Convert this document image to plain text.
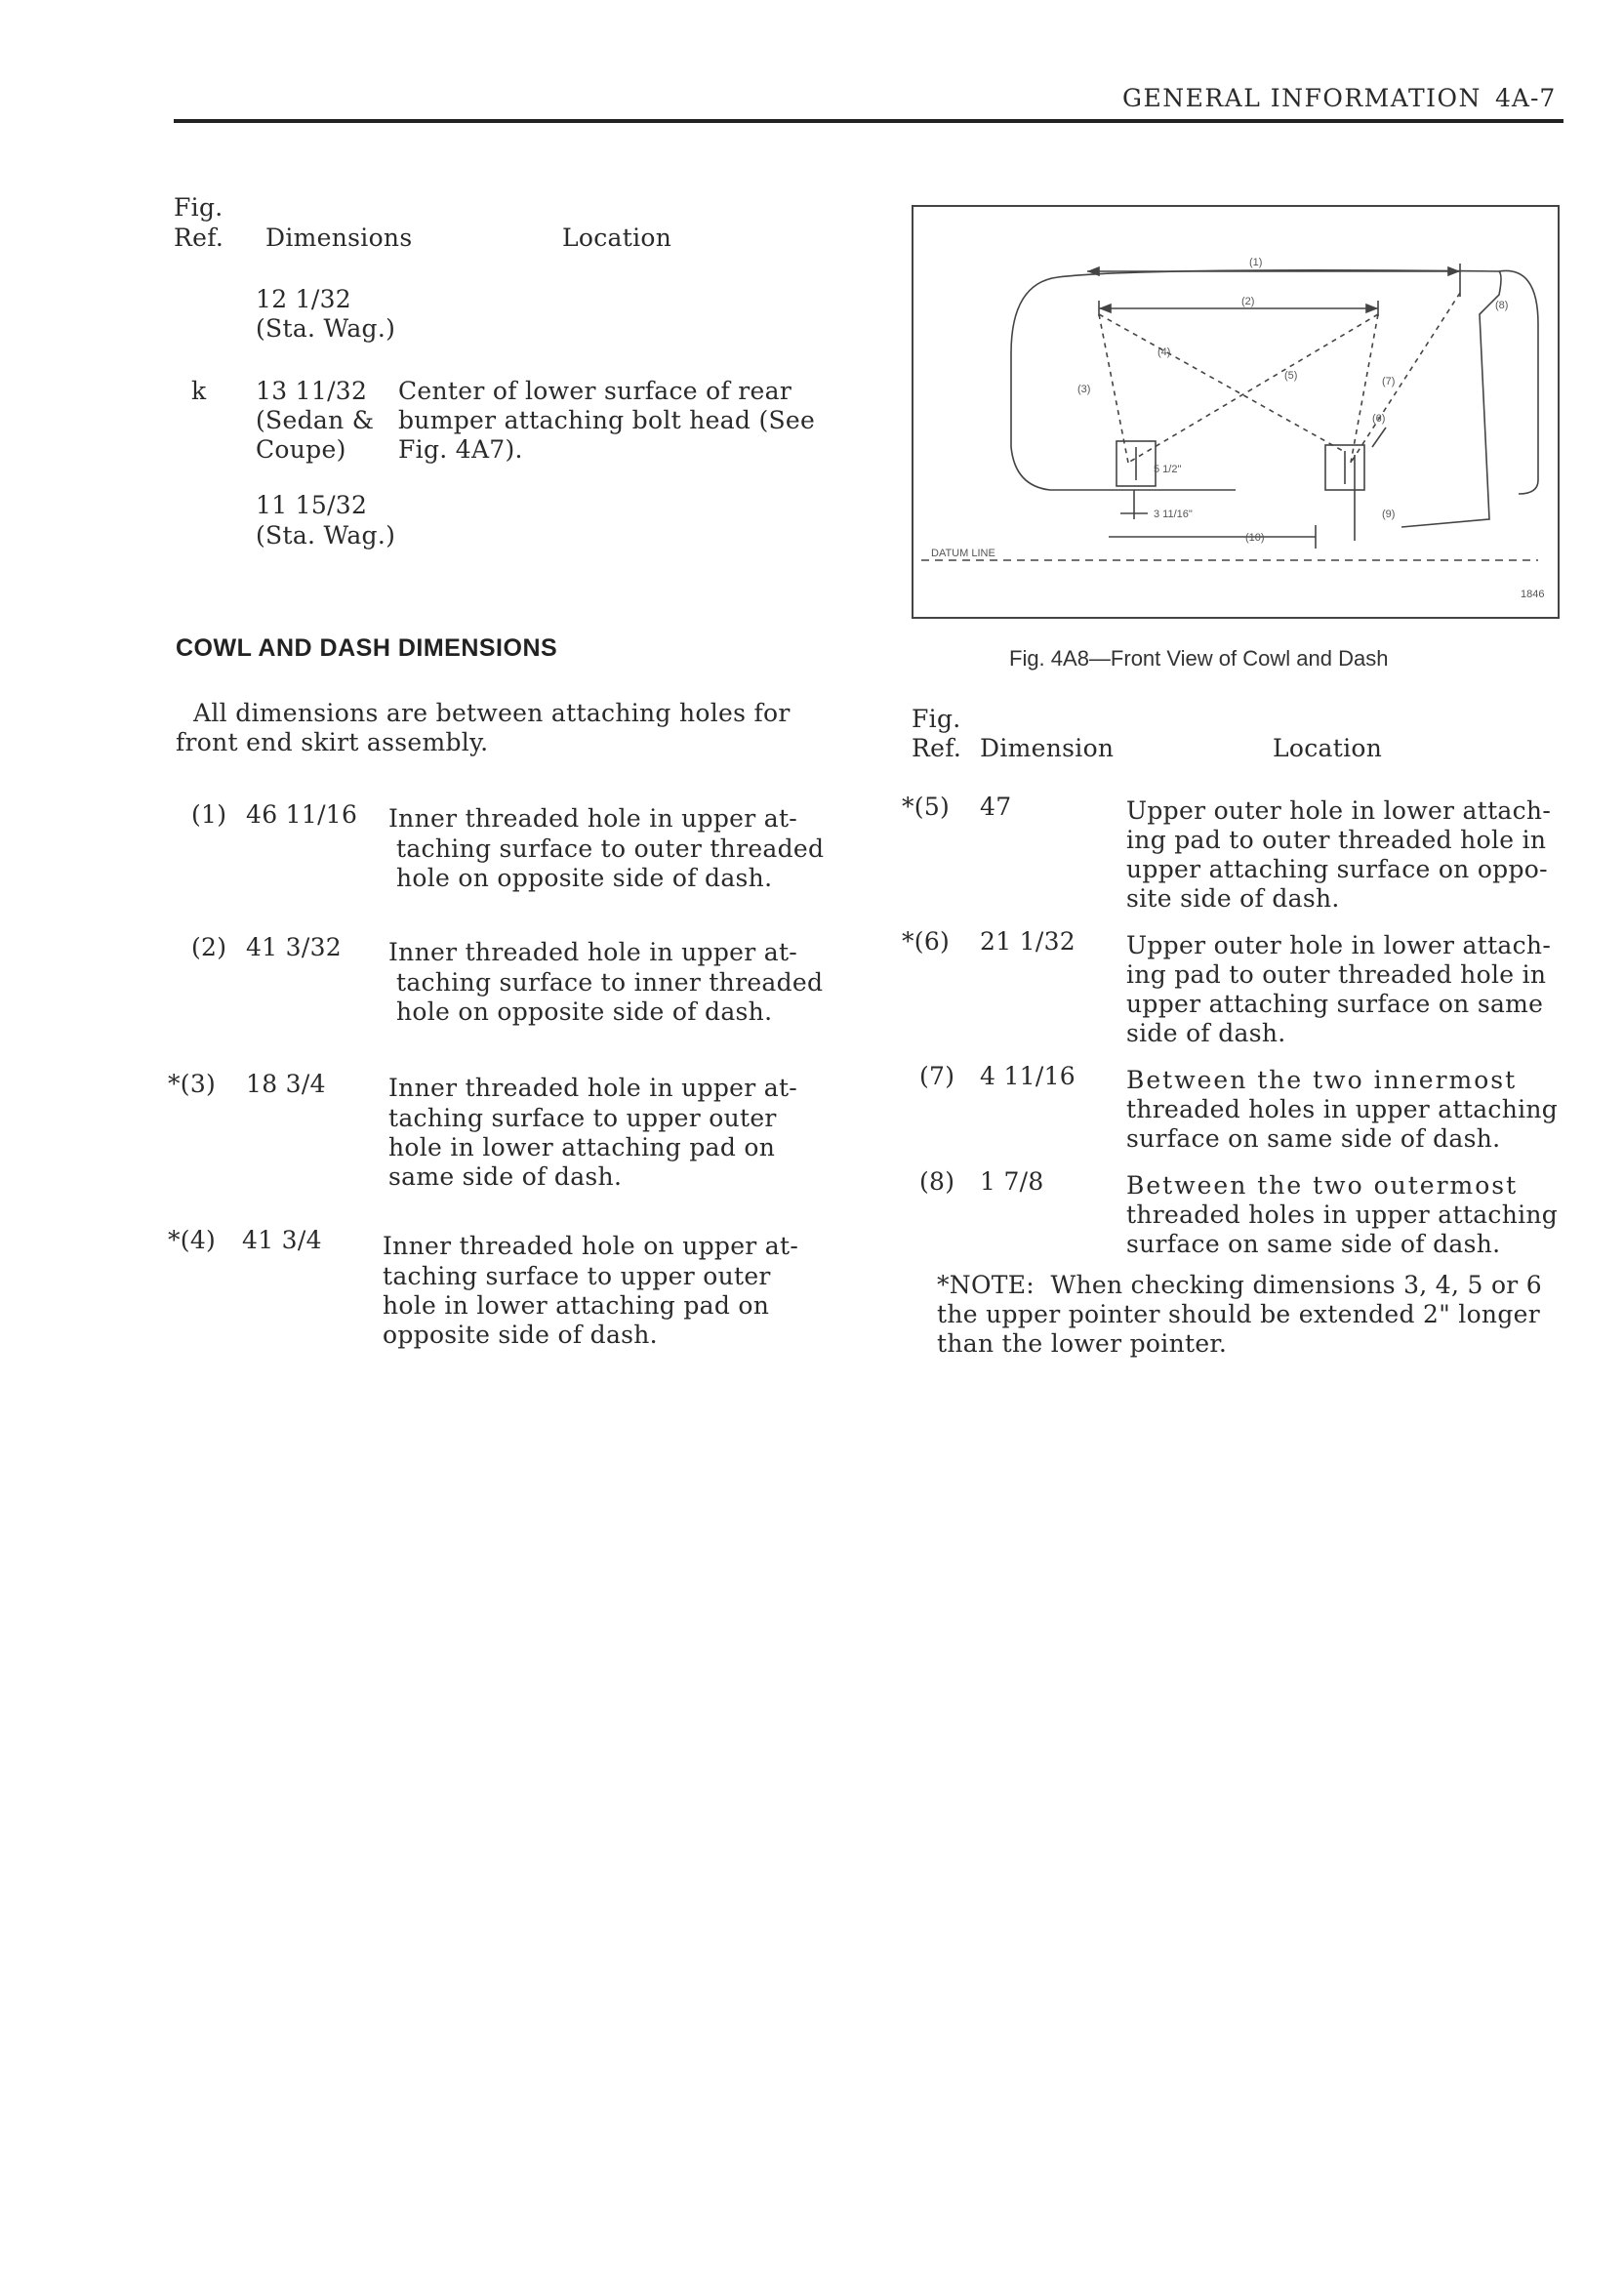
GENERAL INFORMATION 4A-7
Fig.
Ref. Dimensions	Location
12 1/32
(Sta. Wag.)
k 13 11/32
(Sedan &
Coupe)
Center of lower surface of rear
bumper attaching bolt head (See
Fig. 4A7).
11 15/32
(Sta. Wag.)
COWL AND DASH DIMENSIONS
All dimensions are between attaching holes for
front end skirt assembly.
(1) 46 11/16 Inner threaded hole in upper at-
taching surface to outer threaded
hole on opposite side of dash.
(2) 41 3/32 Inner threaded hole in upper at-
taching surface to inner threaded
hole on opposite side of dash.
*(3) 18 3/4	Inner threaded hole in upper at-
taching surface to upper outer
hole in lower attaching pad on
same side of dash.
*(4) 41 3/4 Inner threaded hole on upper at-
taching surface to upper outer
hole in lower attaching pad on
opposite side of dash.
(1)
(2)
(3)
(4)
(5)
(6)
(7)
(8)
(9)
(10)
5 1/2"
3 11/16"
DATUM LINE
1846
Fig. 4A8—Front View of Cowl and Dash
Fig.
Ref. Dimension	Location
*(5) 47	Upper outer hole in lower attach-
ing pad to outer threaded hole in
upper attaching surface on oppo-
site side of dash.
*(6) 21 1/32 Upper outer hole in lower attach-
ing pad to outer threaded hole in
upper attaching surface on same
side of dash.
(7) 4 11/16 Between the two innermost
threaded holes in upper attaching
surface on same side of dash.
(8) 1 7/8	Between the two outermost
threaded holes in upper attaching
surface on same side of dash.
*NOTE:  When checking dimensions 3, 4, 5 or 6
the upper pointer should be extended 2" longer
than the lower pointer.
